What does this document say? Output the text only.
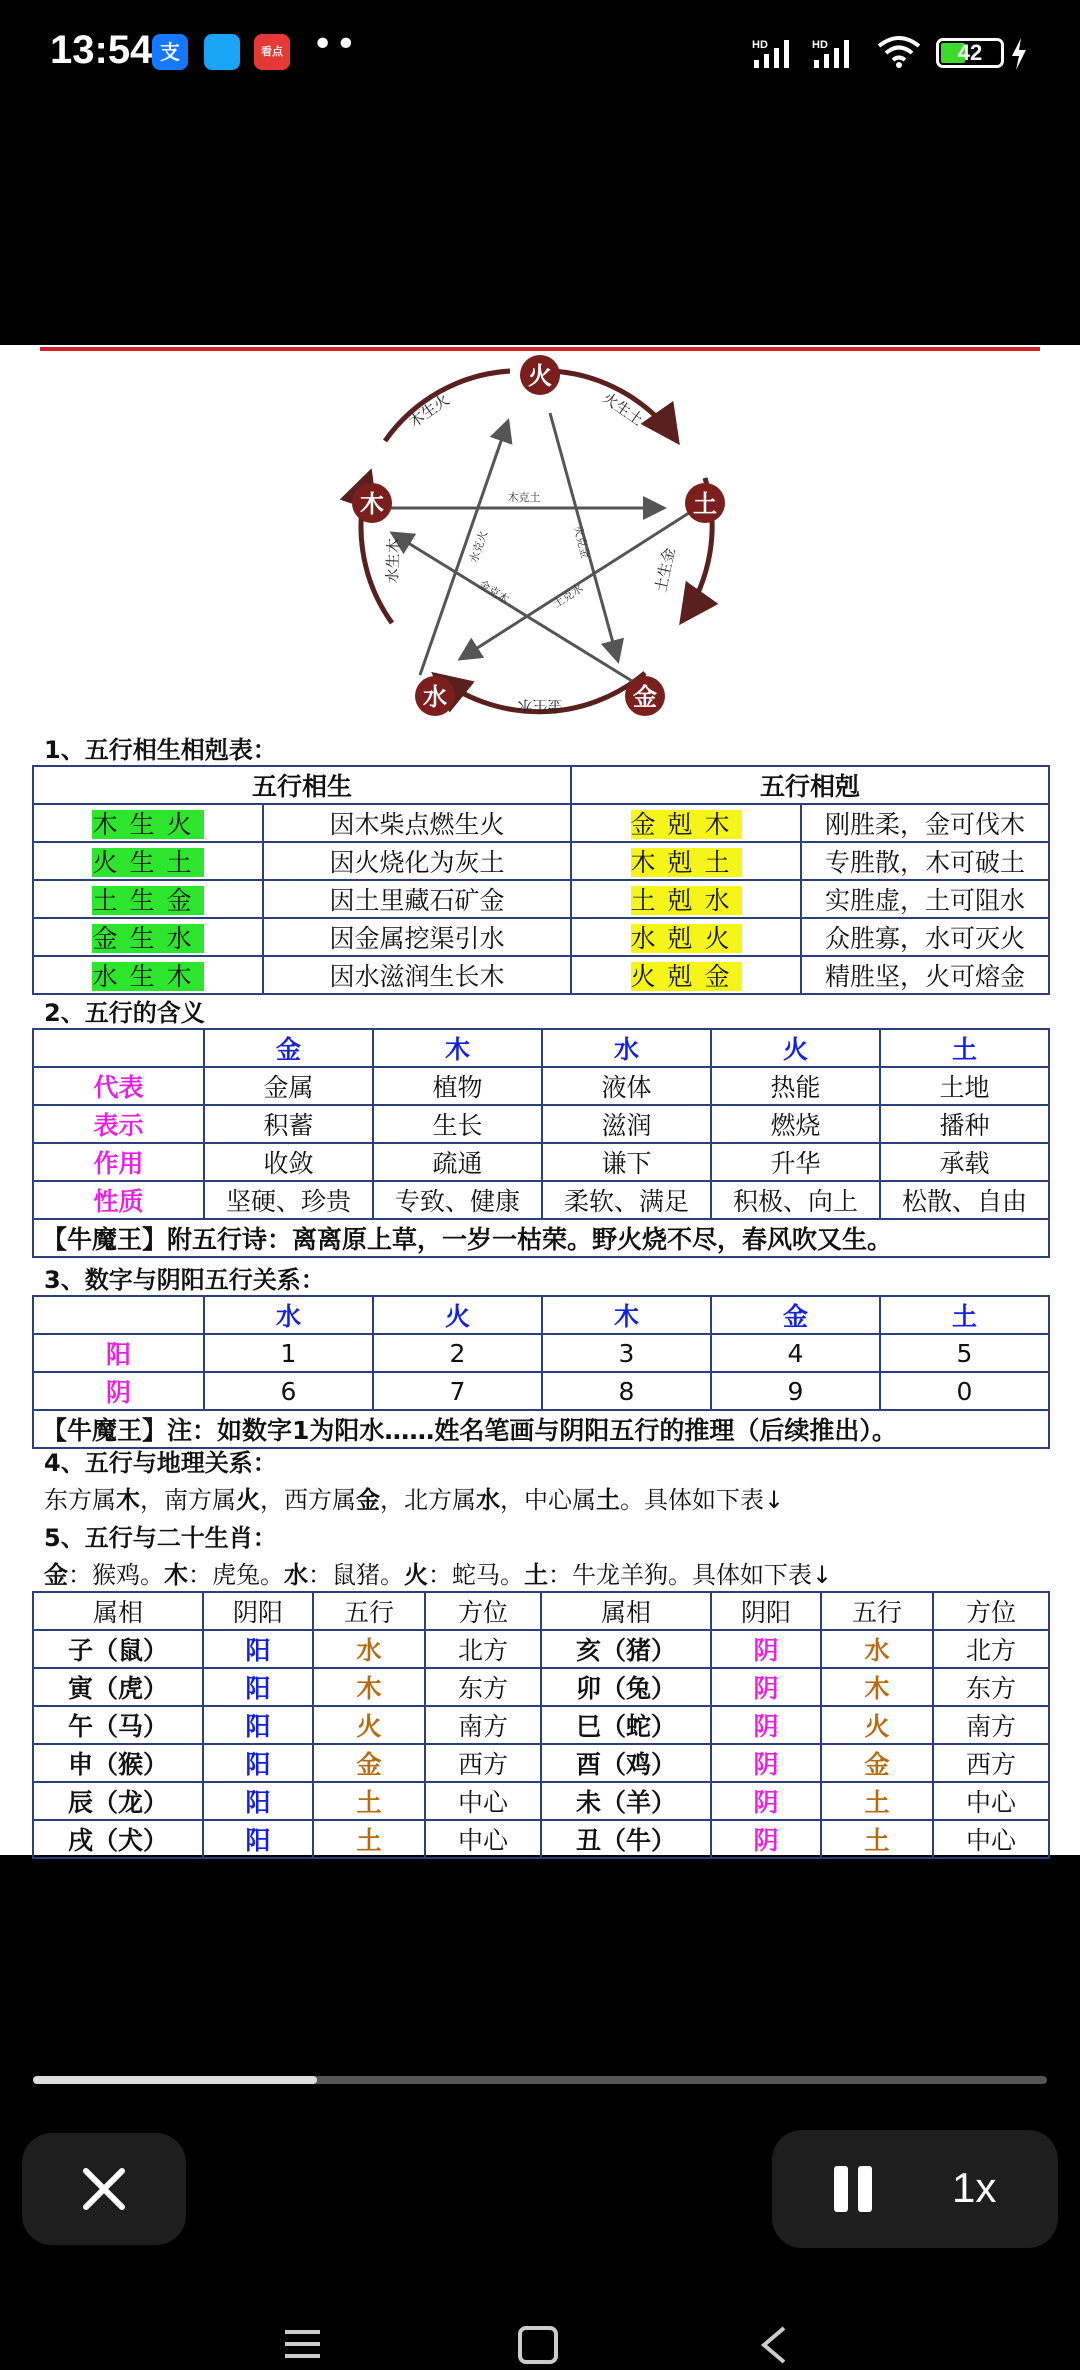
13:54 支	看点 ••	HD	HD	42
木克土
火克金
水克火
金克木	土克水
木生火	火生土
土生金
金生水
水生木
火
土
金
水
木
1、五行相生相剋表：
五行相生		五行相剋	
木生火	因木柴点燃生火	金剋木	刚胜柔，金可伐木
火生土	因火烧化为灰土	木剋土	专胜散，木可破土
土生金	因土里藏石矿金	土剋水	实胜虚，土可阻水
金生水	因金属挖渠引水	水剋火	众胜寡，水可灭火
水生木	因水滋润生长木	火剋金	精胜坚，火可熔金
2、五行的含义
	金	木	水	火	土
代表	金属	植物	液体	热能	土地
表示	积蓄	生长	滋润	燃烧	播种
作用	收敛	疏通	谦下	升华	承载
性质	坚硬、珍贵	专致、健康	柔软、满足	积极、向上	松散、自由
【牛魔王】附五行诗：离离原上草，一岁一枯荣。野火烧不尽，春风吹又生。					
3、数字与阴阳五行关系：
	水	火	木	金	土
阳	1	2	3	4	5
阴	6	7	8	9	0
【牛魔王】注：如数字1为阳水……姓名笔画与阴阳五行的推理（后续推出）。					
4、五行与地理关系：
东方属木，南方属火，西方属金，北方属水，中心属土。具体如下表↓
5、五行与二十生肖：
金：猴鸡。木：虎兔。水：鼠猪。火：蛇马。土：牛龙羊狗。具体如下表↓
属相	阴阳	五行	方位	属相	阴阳	五行	方位
子（鼠）	阳	水	北方	亥（猪）	阴	水	北方
寅（虎）	阳	木	东方	卯（兔）	阴	木	东方
午（马）	阳	火	南方	巳（蛇）	阴	火	南方
申（猴）	阳	金	西方	酉（鸡）	阴	金	西方
辰（龙）	阳	土	中心	未（羊）	阴	土	中心
戌（犬）	阳	土	中心	丑（牛）	阴	土	中心
1x
